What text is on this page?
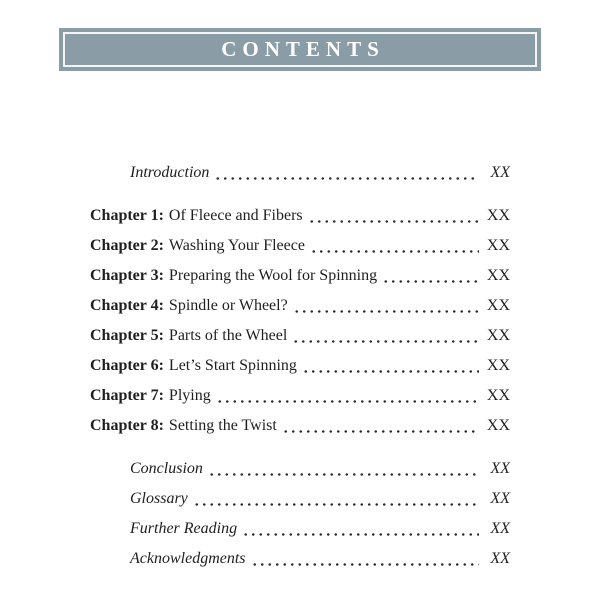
CONTENTS
Introduction	XX
Chapter 1: Of Fleece and Fibers	XX
Chapter 2: Washing Your Fleece	XX
Chapter 3: Preparing the Wool for Spinning	XX
Chapter 4: Spindle or Wheel?	XX
Chapter 5: Parts of the Wheel	XX
Chapter 6: Let’s Start Spinning	XX
Chapter 7: Plying	XX
Chapter 8: Setting the Twist	XX
Conclusion	XX
Glossary	XX
Further Reading	XX
Acknowledgments	XX
